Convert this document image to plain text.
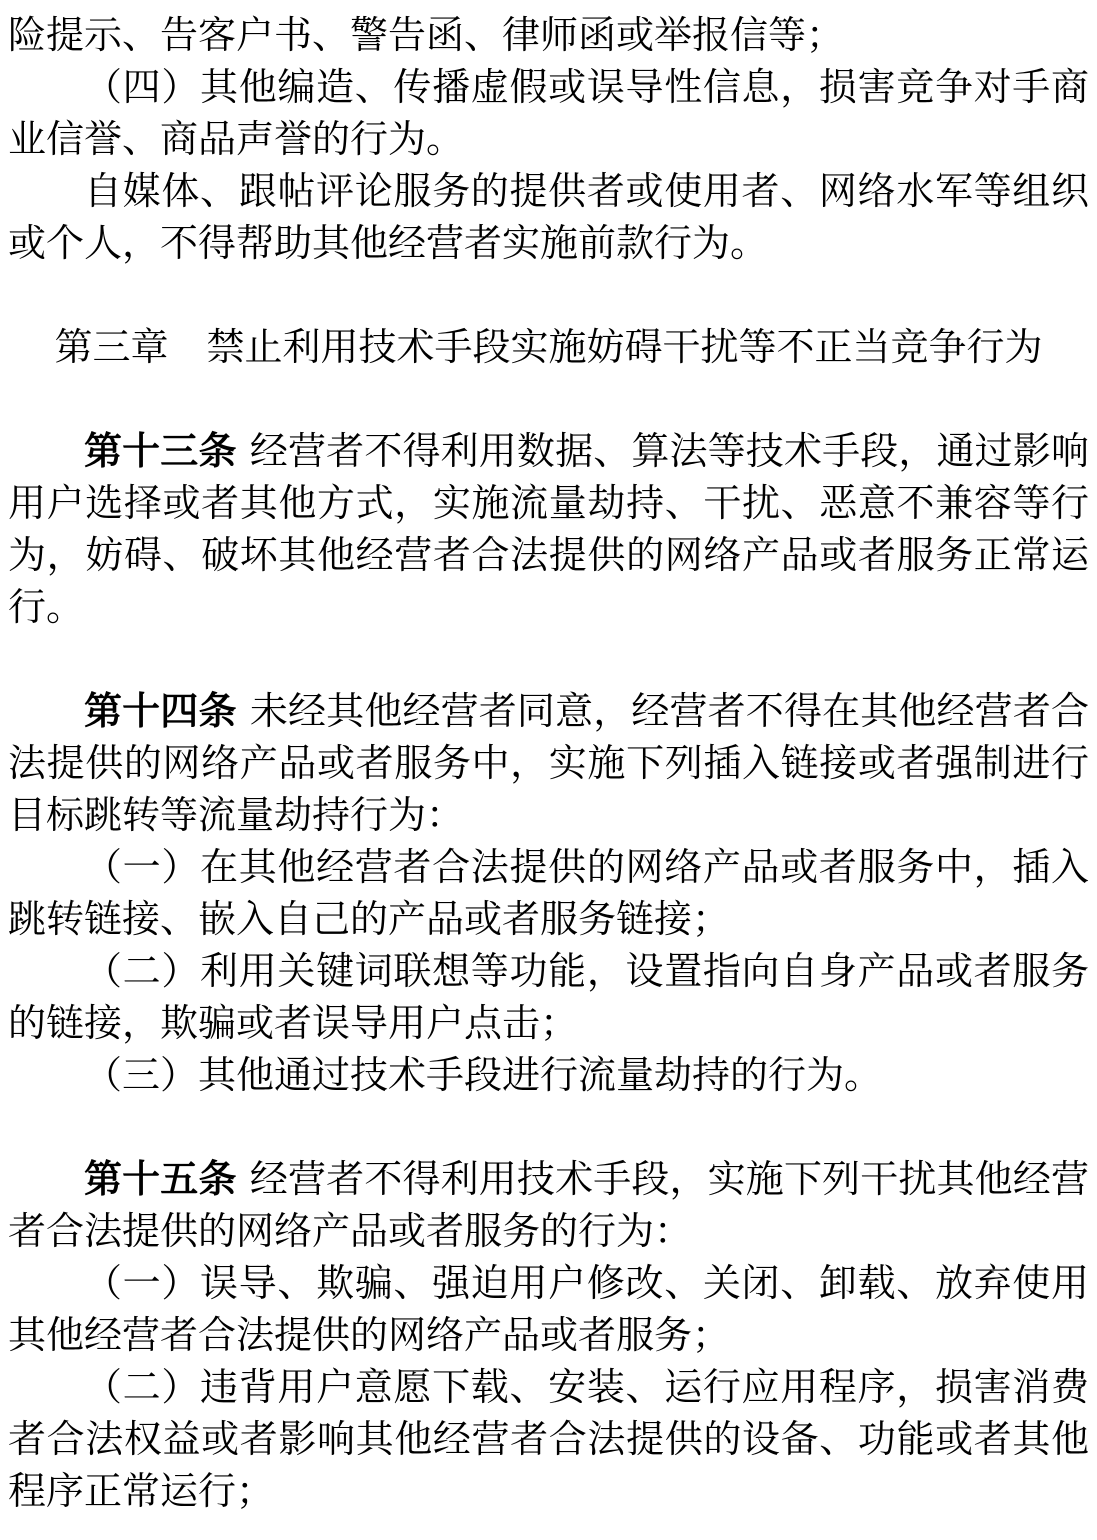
险提示、告客户书、警告函、律师函或举报信等；

（四）其他编造、传播虚假或误导性信息，损害竞争对手商业信誉、商品声誉的行为。

自媒体、跟帖评论服务的提供者或使用者、网络水军等组织或个人，不得帮助其他经营者实施前款行为。

第三章　禁止利用技术手段实施妨碍干扰等不正当竞争行为

第十三条 经营者不得利用数据、算法等技术手段，通过影响用户选择或者其他方式，实施流量劫持、干扰、恶意不兼容等行为，妨碍、破坏其他经营者合法提供的网络产品或者服务正常运行。

第十四条 未经其他经营者同意，经营者不得在其他经营者合法提供的网络产品或者服务中，实施下列插入链接或者强制进行目标跳转等流量劫持行为：

（一）在其他经营者合法提供的网络产品或者服务中，插入跳转链接、嵌入自己的产品或者服务链接；

（二）利用关键词联想等功能，设置指向自身产品或者服务的链接，欺骗或者误导用户点击；

（三）其他通过技术手段进行流量劫持的行为。

第十五条 经营者不得利用技术手段，实施下列干扰其他经营者合法提供的网络产品或者服务的行为：

（一）误导、欺骗、强迫用户修改、关闭、卸载、放弃使用其他经营者合法提供的网络产品或者服务；

（二）违背用户意愿下载、安装、运行应用程序，损害消费者合法权益或者影响其他经营者合法提供的设备、功能或者其他程序正常运行；
